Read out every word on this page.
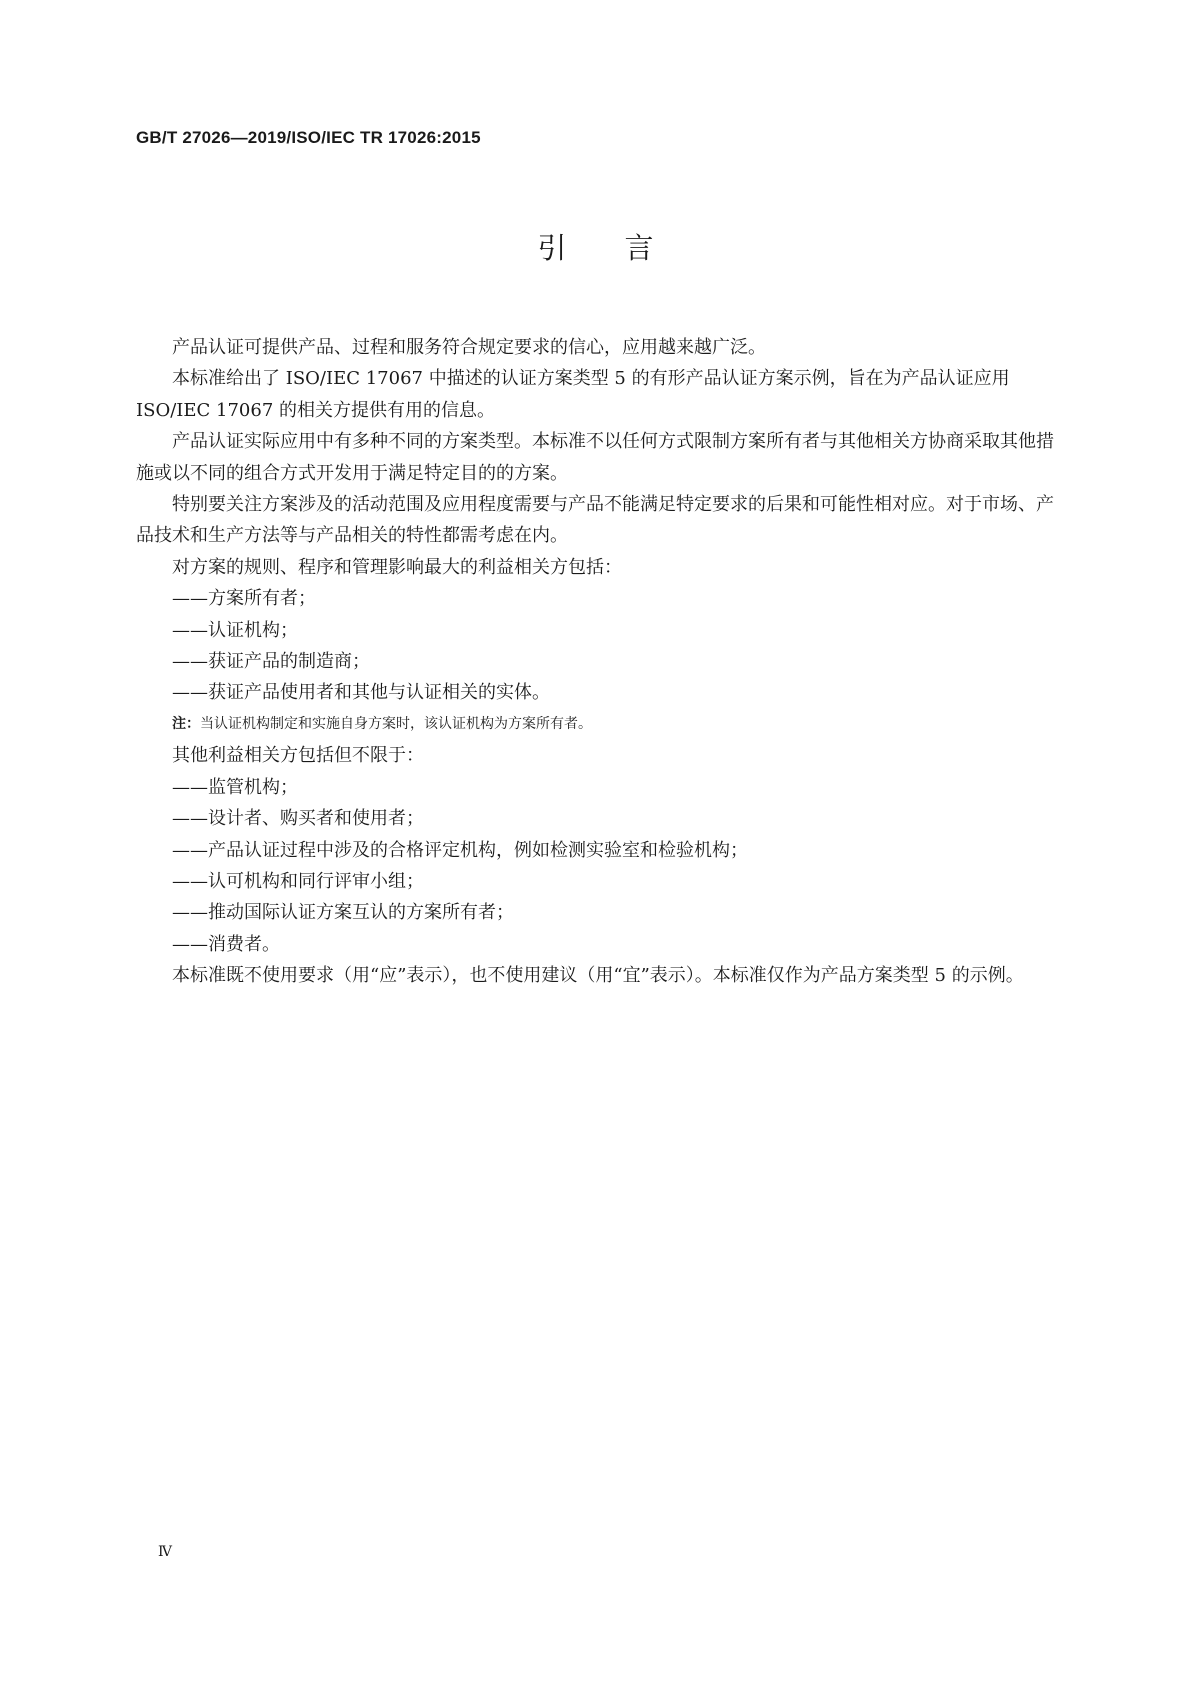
GB/T 27026—2019/ISO/IEC TR 17026:2015
引言

产品认证可提供产品、过程和服务符合规定要求的信心，应用越来越广泛。

本标准给出了 ISO/IEC 17067 中描述的认证方案类型 5 的有形产品认证方案示例，旨在为产品认证应用 ISO/IEC 17067 的相关方提供有用的信息。

产品认证实际应用中有多种不同的方案类型。本标准不以任何方式限制方案所有者与其他相关方协商采取其他措施或以不同的组合方式开发用于满足特定目的的方案。

特别要关注方案涉及的活动范围及应用程度需要与产品不能满足特定要求的后果和可能性相对应。对于市场、产品技术和生产方法等与产品相关的特性都需考虑在内。

对方案的规则、程序和管理影响最大的利益相关方包括：

——方案所有者；

——认证机构；

——获证产品的制造商；

——获证产品使用者和其他与认证相关的实体。

注：当认证机构制定和实施自身方案时，该认证机构为方案所有者。

其他利益相关方包括但不限于：

——监管机构；

——设计者、购买者和使用者；

——产品认证过程中涉及的合格评定机构，例如检测实验室和检验机构；

——认可机构和同行评审小组；

——推动国际认证方案互认的方案所有者；

——消费者。

本标准既不使用要求（用“应”表示），也不使用建议（用“宜”表示）。本标准仅作为产品方案类型 5 的示例。

Ⅳ
